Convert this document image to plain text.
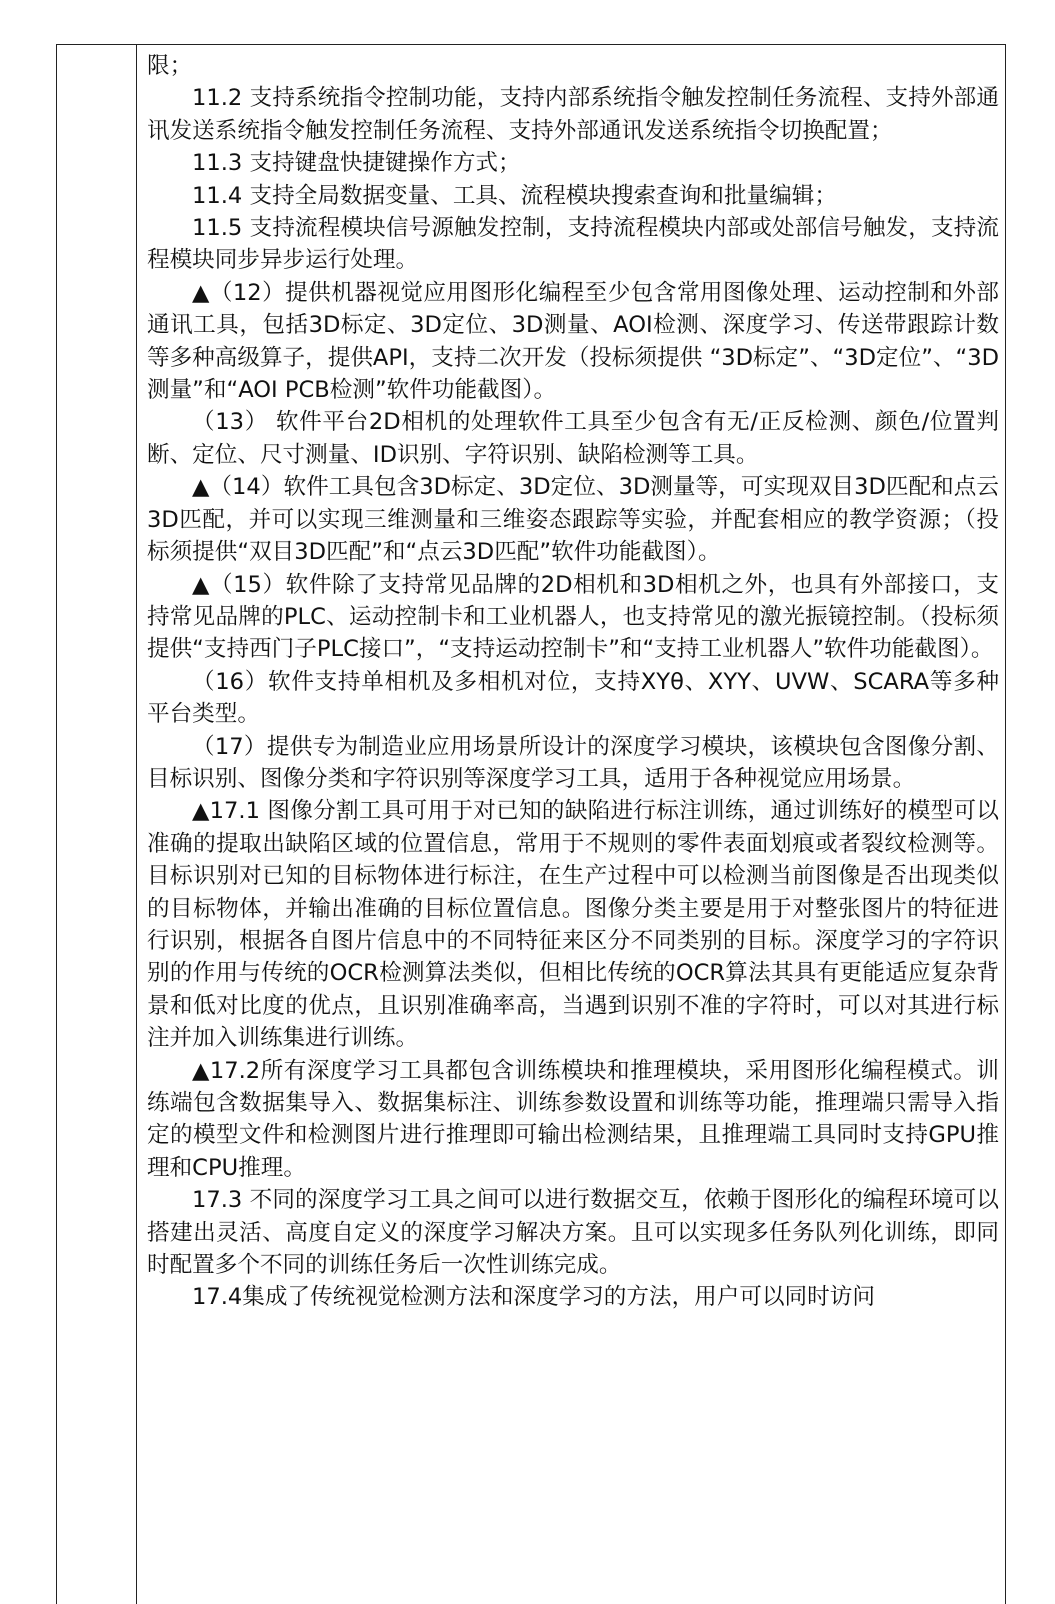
限；

11.2 支持系统指令控制功能，支持内部系统指令触发控制任务流程、支持外部通讯发送系统指令触发控制任务流程、支持外部通讯发送系统指令切换配置；

11.3 支持键盘快捷键操作方式；

11.4 支持全局数据变量、工具、流程模块搜索查询和批量编辑；

11.5 支持流程模块信号源触发控制，支持流程模块内部或处部信号触发，支持流程模块同步异步运行处理。

▲（12）提供机器视觉应用图形化编程至少包含常用图像处理、运动控制和外部通讯工具，包括3D标定、3D定位、3D测量、AOI检测、深度学习、传送带跟踪计数等多种高级算子，提供API，支持二次开发（投标须提供 “3D标定”、“3D定位”、“3D测量”和“AOI PCB检测”软件功能截图）。

（13） 软件平台2D相机的处理软件工具至少包含有无/正反检测、颜色/位置判断、定位、尺寸测量、ID识别、字符识别、缺陷检测等工具。

▲（14）软件工具包含3D标定、3D定位、3D测量等，可实现双目3D匹配和点云3D匹配，并可以实现三维测量和三维姿态跟踪等实验，并配套相应的教学资源；（投标须提供“双目3D匹配”和“点云3D匹配”软件功能截图）。

▲（15）软件除了支持常见品牌的2D相机和3D相机之外，也具有外部接口，支持常见品牌的PLC、运动控制卡和工业机器人，也支持常见的激光振镜控制。（投标须提供“支持西门子PLC接口”，“支持运动控制卡”和“支持工业机器人”软件功能截图）。

（16）软件支持单相机及多相机对位，支持XYθ、XYY、UVW、SCARA等多种平台类型。

（17）提供专为制造业应用场景所设计的深度学习模块，该模块包含图像分割、目标识别、图像分类和字符识别等深度学习工具，适用于各种视觉应用场景。

▲17.1 图像分割工具可用于对已知的缺陷进行标注训练，通过训练好的模型可以准确的提取出缺陷区域的位置信息，常用于不规则的零件表面划痕或者裂纹检测等。目标识别对已知的目标物体进行标注，在生产过程中可以检测当前图像是否出现类似的目标物体，并输出准确的目标位置信息。图像分类主要是用于对整张图片的特征进行识别，根据各自图片信息中的不同特征来区分不同类别的目标。深度学习的字符识别的作用与传统的OCR检测算法类似，但相比传统的OCR算法其具有更能适应复杂背景和低对比度的优点，且识别准确率高，当遇到识别不准的字符时，可以对其进行标注并加入训练集进行训练。

▲17.2所有深度学习工具都包含训练模块和推理模块，采用图形化编程模式。训练端包含数据集导入、数据集标注、训练参数设置和训练等功能，推理端只需导入指定的模型文件和检测图片进行推理即可输出检测结果，且推理端工具同时支持GPU推理和CPU推理。

17.3 不同的深度学习工具之间可以进行数据交互，依赖于图形化的编程环境可以搭建出灵活、高度自定义的深度学习解决方案。且可以实现多任务队列化训练，即同时配置多个不同的训练任务后一次性训练完成。

17.4集成了传统视觉检测方法和深度学习的方法，用户可以同时访问
